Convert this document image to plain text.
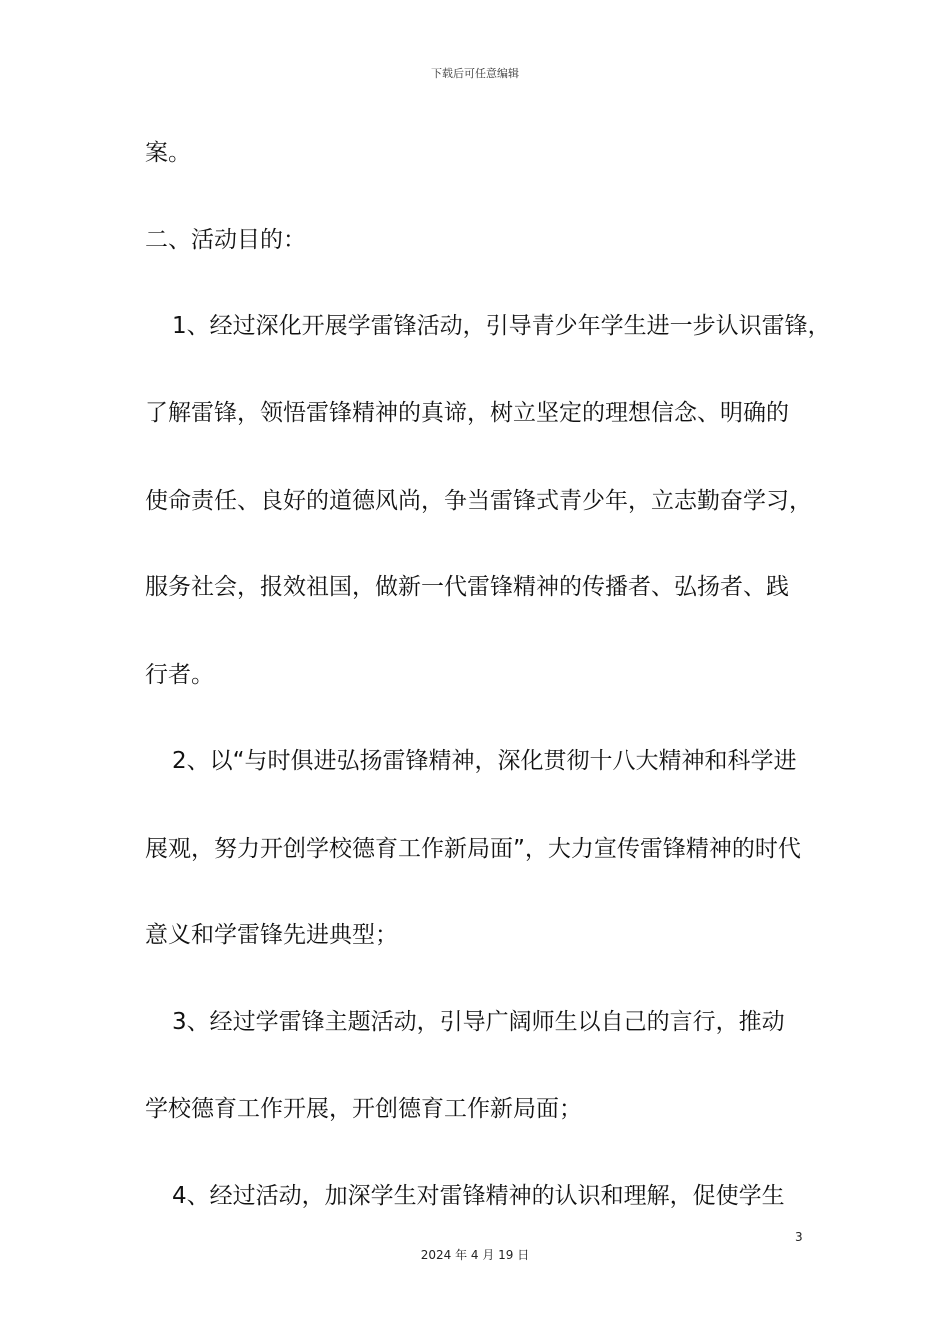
下载后可任意编辑
案。
二、活动目的：
1、经过深化开展学雷锋活动，引导青少年学生进一步认识雷锋，
了解雷锋，领悟雷锋精神的真谛，树立坚定的理想信念、明确的
使命责任、良好的道德风尚，争当雷锋式青少年，立志勤奋学习，
服务社会，报效祖国，做新一代雷锋精神的传播者、弘扬者、践
行者。
2、以“与时俱进弘扬雷锋精神，深化贯彻十八大精神和科学进
展观，努力开创学校德育工作新局面”，大力宣传雷锋精神的时代
意义和学雷锋先进典型；
3、经过学雷锋主题活动，引导广阔师生以自己的言行，推动
学校德育工作开展，开创德育工作新局面；
4、经过活动，加深学生对雷锋精神的认识和理解，促使学生
3
2024 年 4 月 19 日
